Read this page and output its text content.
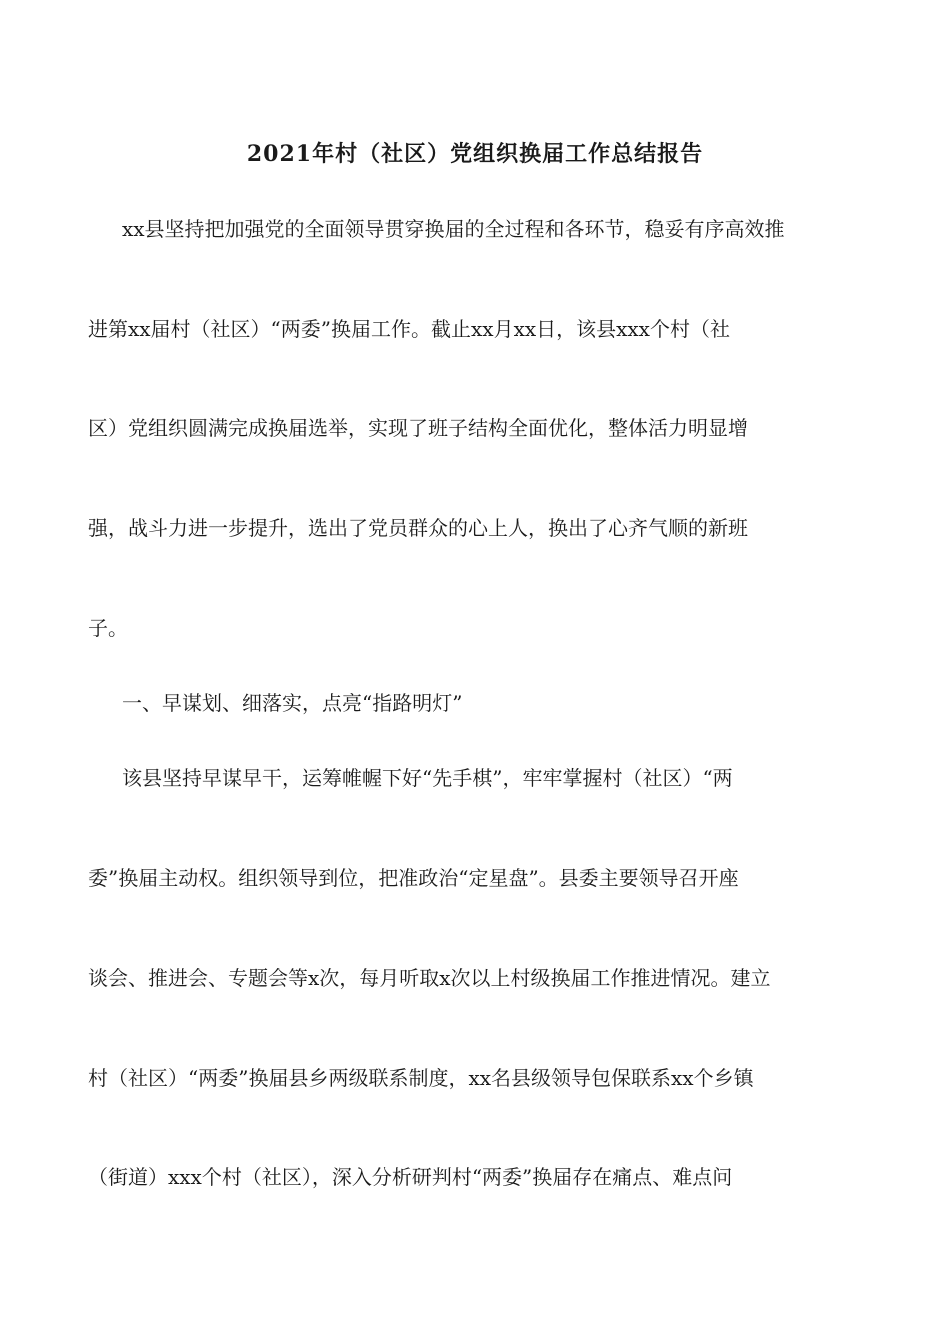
2021年村（社区）党组织换届工作总结报告
xx县坚持把加强党的全面领导贯穿换届的全过程和各环节，稳妥有序高效推
进第xx届村（社区）“两委”换届工作。截止xx月xx日，该县xxx个村（社
区）党组织圆满完成换届选举，实现了班子结构全面优化，整体活力明显增
强，战斗力进一步提升，选出了党员群众的心上人，换出了心齐气顺的新班
子。
一、早谋划、细落实，点亮“指路明灯”
该县坚持早谋早干，运筹帷幄下好“先手棋”，牢牢掌握村（社区）“两
委”换届主动权。组织领导到位，把准政治“定星盘”。县委主要领导召开座
谈会、推进会、专题会等x次，每月听取x次以上村级换届工作推进情况。建立
村（社区）“两委”换届县乡两级联系制度，xx名县级领导包保联系xx个乡镇
（街道）xxx个村（社区），深入分析研判村“两委”换届存在痛点、难点问
